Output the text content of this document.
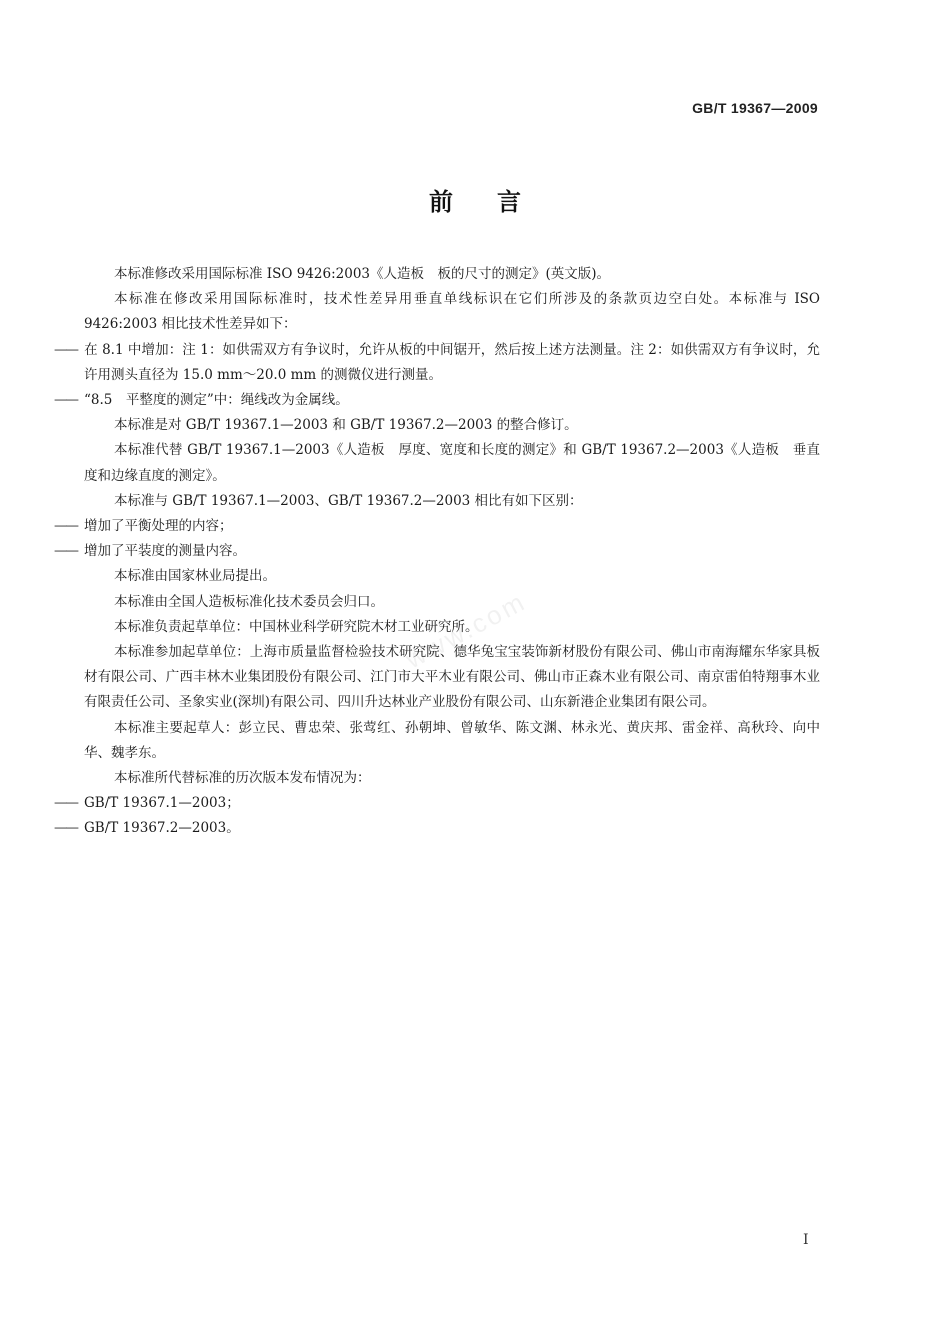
GB/T 19367—2009
前言

本标准修改采用国际标准 ISO 9426:2003《人造板　板的尺寸的测定》(英文版)。

本标准在修改采用国际标准时，技术性差异用垂直单线标识在它们所涉及的条款页边空白处。本标准与 ISO 9426:2003 相比技术性差异如下：

—— 在 8.1 中增加：注 1：如供需双方有争议时，允许从板的中间锯开，然后按上述方法测量。注 2：如供需双方有争议时，允许用测头直径为 15.0 mm～20.0 mm 的测微仪进行测量。

—— “8.5　平整度的测定”中：绳线改为金属线。

本标准是对 GB/T 19367.1—2003 和 GB/T 19367.2—2003 的整合修订。

本标准代替 GB/T 19367.1—2003《人造板　厚度、宽度和长度的测定》和 GB/T 19367.2—2003《人造板　垂直度和边缘直度的测定》。

本标准与 GB/T 19367.1—2003、GB/T 19367.2—2003 相比有如下区别：

—— 增加了平衡处理的内容；

—— 增加了平装度的测量内容。

本标准由国家林业局提出。

本标准由全国人造板标准化技术委员会归口。

本标准负责起草单位：中国林业科学研究院木材工业研究所。

本标准参加起草单位：上海市质量监督检验技术研究院、德华兔宝宝装饰新材股份有限公司、佛山市南海耀东华家具板材有限公司、广西丰林木业集团股份有限公司、江门市大平木业有限公司、佛山市正森木业有限公司、南京雷伯特翔事木业有限责任公司、圣象实业(深圳)有限公司、四川升达林业产业股份有限公司、山东新港企业集团有限公司。

本标准主要起草人：彭立民、曹忠荣、张莺红、孙朝坤、曾敏华、陈文渊、林永光、黄庆邦、雷金祥、高秋玲、向中华、魏孝东。

本标准所代替标准的历次版本发布情况为：

—— GB/T 19367.1—2003；

—— GB/T 19367.2—2003。

www.com
I
